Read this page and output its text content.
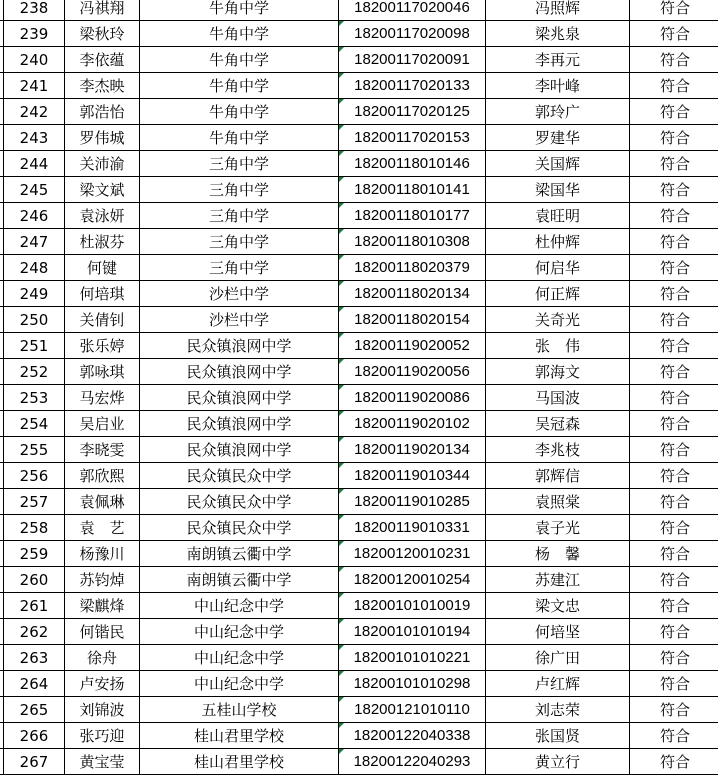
	238	冯祺翔	牛角中学	18200117020046	冯照辉	符合
	239	梁秋玲	牛角中学	18200117020098	梁兆泉	符合
	240	李依蕴	牛角中学	18200117020091	李再元	符合
	241	李杰映	牛角中学	18200117020133	李叶峰	符合
	242	郭浩怡	牛角中学	18200117020125	郭玲广	符合
	243	罗伟城	牛角中学	18200117020153	罗建华	符合
	244	关沛渝	三角中学	18200118010146	关国辉	符合
	245	梁文斌	三角中学	18200118010141	梁国华	符合
	246	袁泳妍	三角中学	18200118010177	袁旺明	符合
	247	杜淑芬	三角中学	18200118010308	杜仲辉	符合
	248	何键	三角中学	18200118020379	何启华	符合
	249	何培琪	沙栏中学	18200118020134	何正辉	符合
	250	关倩钊	沙栏中学	18200118020154	关奇光	符合
	251	张乐婷	民众镇浪网中学	18200119020052	张　伟	符合
	252	郭咏琪	民众镇浪网中学	18200119020056	郭海文	符合
	253	马宏烨	民众镇浪网中学	18200119020086	马国波	符合
	254	吴启业	民众镇浪网中学	18200119020102	吴冠森	符合
	255	李晓雯	民众镇浪网中学	18200119020134	李兆枝	符合
	256	郭欣熙	民众镇民众中学	18200119010344	郭辉信	符合
	257	袁佩琳	民众镇民众中学	18200119010285	袁照棠	符合
	258	袁　艺	民众镇民众中学	18200119010331	袁子光	符合
	259	杨豫川	南朗镇云衢中学	18200120010231	杨　馨	符合
	260	苏钧焯	南朗镇云衢中学	18200120010254	苏建江	符合
	261	梁麒烽	中山纪念中学	18200101010019	梁文忠	符合
	262	何锴民	中山纪念中学	18200101010194	何培坚	符合
	263	徐舟	中山纪念中学	18200101010221	徐广田	符合
	264	卢安扬	中山纪念中学	18200101010298	卢红辉	符合
	265	刘锦波	五桂山学校	18200121010110	刘志荣	符合
	266	张巧迎	桂山君里学校	18200122040338	张国贤	符合
	267	黄宝莹	桂山君里学校	18200122040293	黄立行	符合
